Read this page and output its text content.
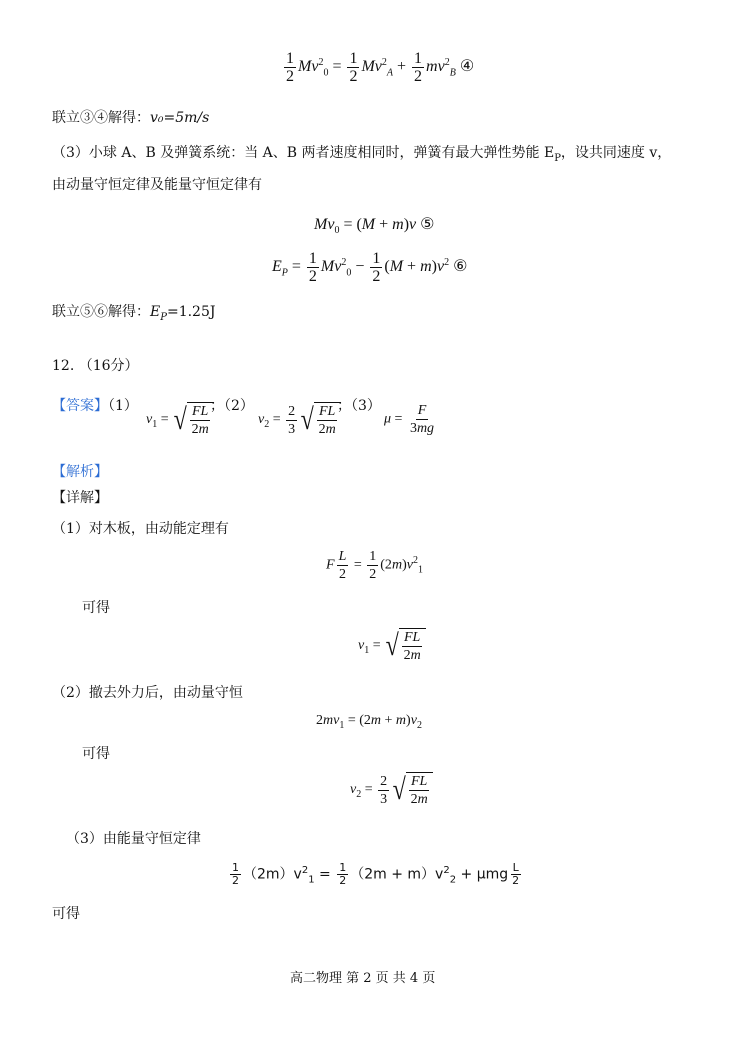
$\frac{1}{2} Mv^2_0 = \frac{1}{2} Mv^2_A + \frac{1}{2} mv^2_B$ ④
联立③④解得：v₀=5m/s
（3）小球 A、B 及弹簧系统：当 A、B 两者速度相同时，弹簧有最大弹性势能 $E_P$，设共同速度 v，
由动量守恒定律及能量守恒定律有
$Mv_0 = (M + m)v$ ⑤
$E_P = \frac{1}{2} Mv^2_0 - \frac{1}{2} (M + m)v^2$ ⑥
联立⑤⑥解得：$E_P=1.25J$
12. （16分）
【答案】（1）
$v_1$ = √ $\frac{FL}{2m}$ ；（2）
$v_2 = \frac{2}{3}$ √ $\frac{FL}{2m}$ ；（3）
$\mu = \frac{F}{3mg}$
【解析】
【详解】
（1）对木板，由动能定理有
F $\frac{L}{2} = \frac{1}{2} (2m)v^2_1$
可得
$v_1$ = √ $\frac{FL}{2m}$
（2）撤去外力后，由动量守恒
$2mv_1 = (2m + m)v_2$
可得
$v_2 = \frac{2}{3}$ √ $\frac{FL}{2m}$
（3）由能量守恒定律
$\frac{1}{2} (2m)v^2_1 = \frac{1}{2} (2m + m)v^2_2 + \mu mg \frac{L}{2}$
可得
高二物理 第 2 页 共 4 页
